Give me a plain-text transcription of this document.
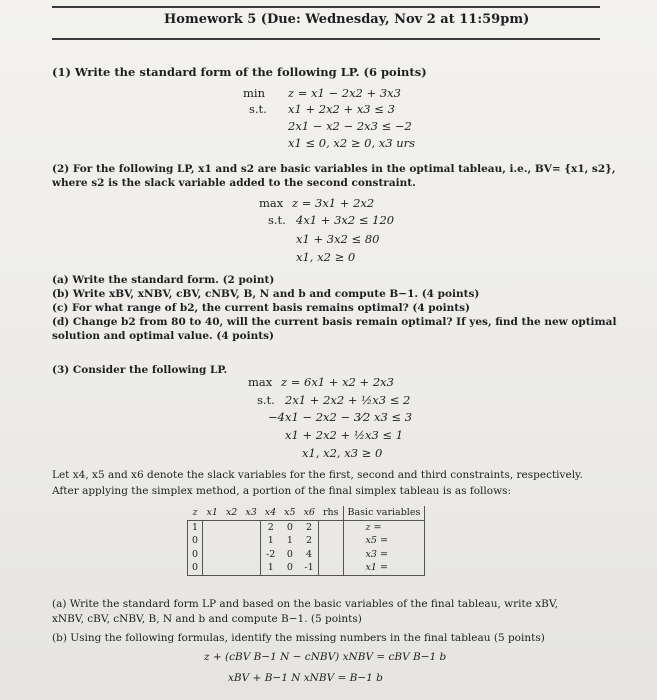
Homework 5 (Due: Wednesday, Nov 2 at 11:59pm)
(1) Write the standard form of the following LP. (6 points)
min z = x1 − 2x2 + 3x3
s.t. x1 + 2x2 + x3 ≤ 3
2x1 − x2 − 2x3 ≤ −2
x1 ≤ 0, x2 ≥ 0, x3 urs
(2) For the following LP, x1 and s2 are basic variables in the optimal tableau, i.e., BV= {x1, s2},
where s2 is the slack variable added to the second constraint.
max z = 3x1 + 2x2
s.t. 4x1 + 3x2 ≤ 120
x1 + 3x2 ≤ 80
x1, x2 ≥ 0
(a) Write the standard form. (2 point)
(b) Write xBV, xNBV, cBV, cNBV, B, N and b and compute B−1. (4 points)
(c) For what range of b2, the current basis remains optimal? (4 points)
(d) Change b2 from 80 to 40, will the current basis remain optimal? If yes, find the new optimal
solution and optimal value. (4 points)
(3) Consider the following LP.
max z = 6x1 + x2 + 2x3
s.t. 2x1 + 2x2 + ½x3 ≤ 2
−4x1 − 2x2 − 3⁄2 x3 ≤ 3
x1 + 2x2 + ½x3 ≤ 1
x1, x2, x3 ≥ 0
Let x4, x5 and x6 denote the slack variables for the first, second and third constraints, respectively.
After applying the simplex method, a portion of the final simplex tableau is as follows:
z	x1	x2	x3	x4	x5	x6	rhs	Basic variables
1				2	0	2		z =
0				1	1	2		x5 =
0				-2	0	4		x3 =
0				1	0	-1		x1 =
(a) Write the standard form LP and based on the basic variables of the final tableau, write xBV,
xNBV, cBV, cNBV, B, N and b and compute B−1. (5 points)
(b) Using the following formulas, identify the missing numbers in the final tableau (5 points)
z + (cBV B−1 N − cNBV) xNBV = cBV B−1 b
xBV + B−1 N xNBV = B−1 b
